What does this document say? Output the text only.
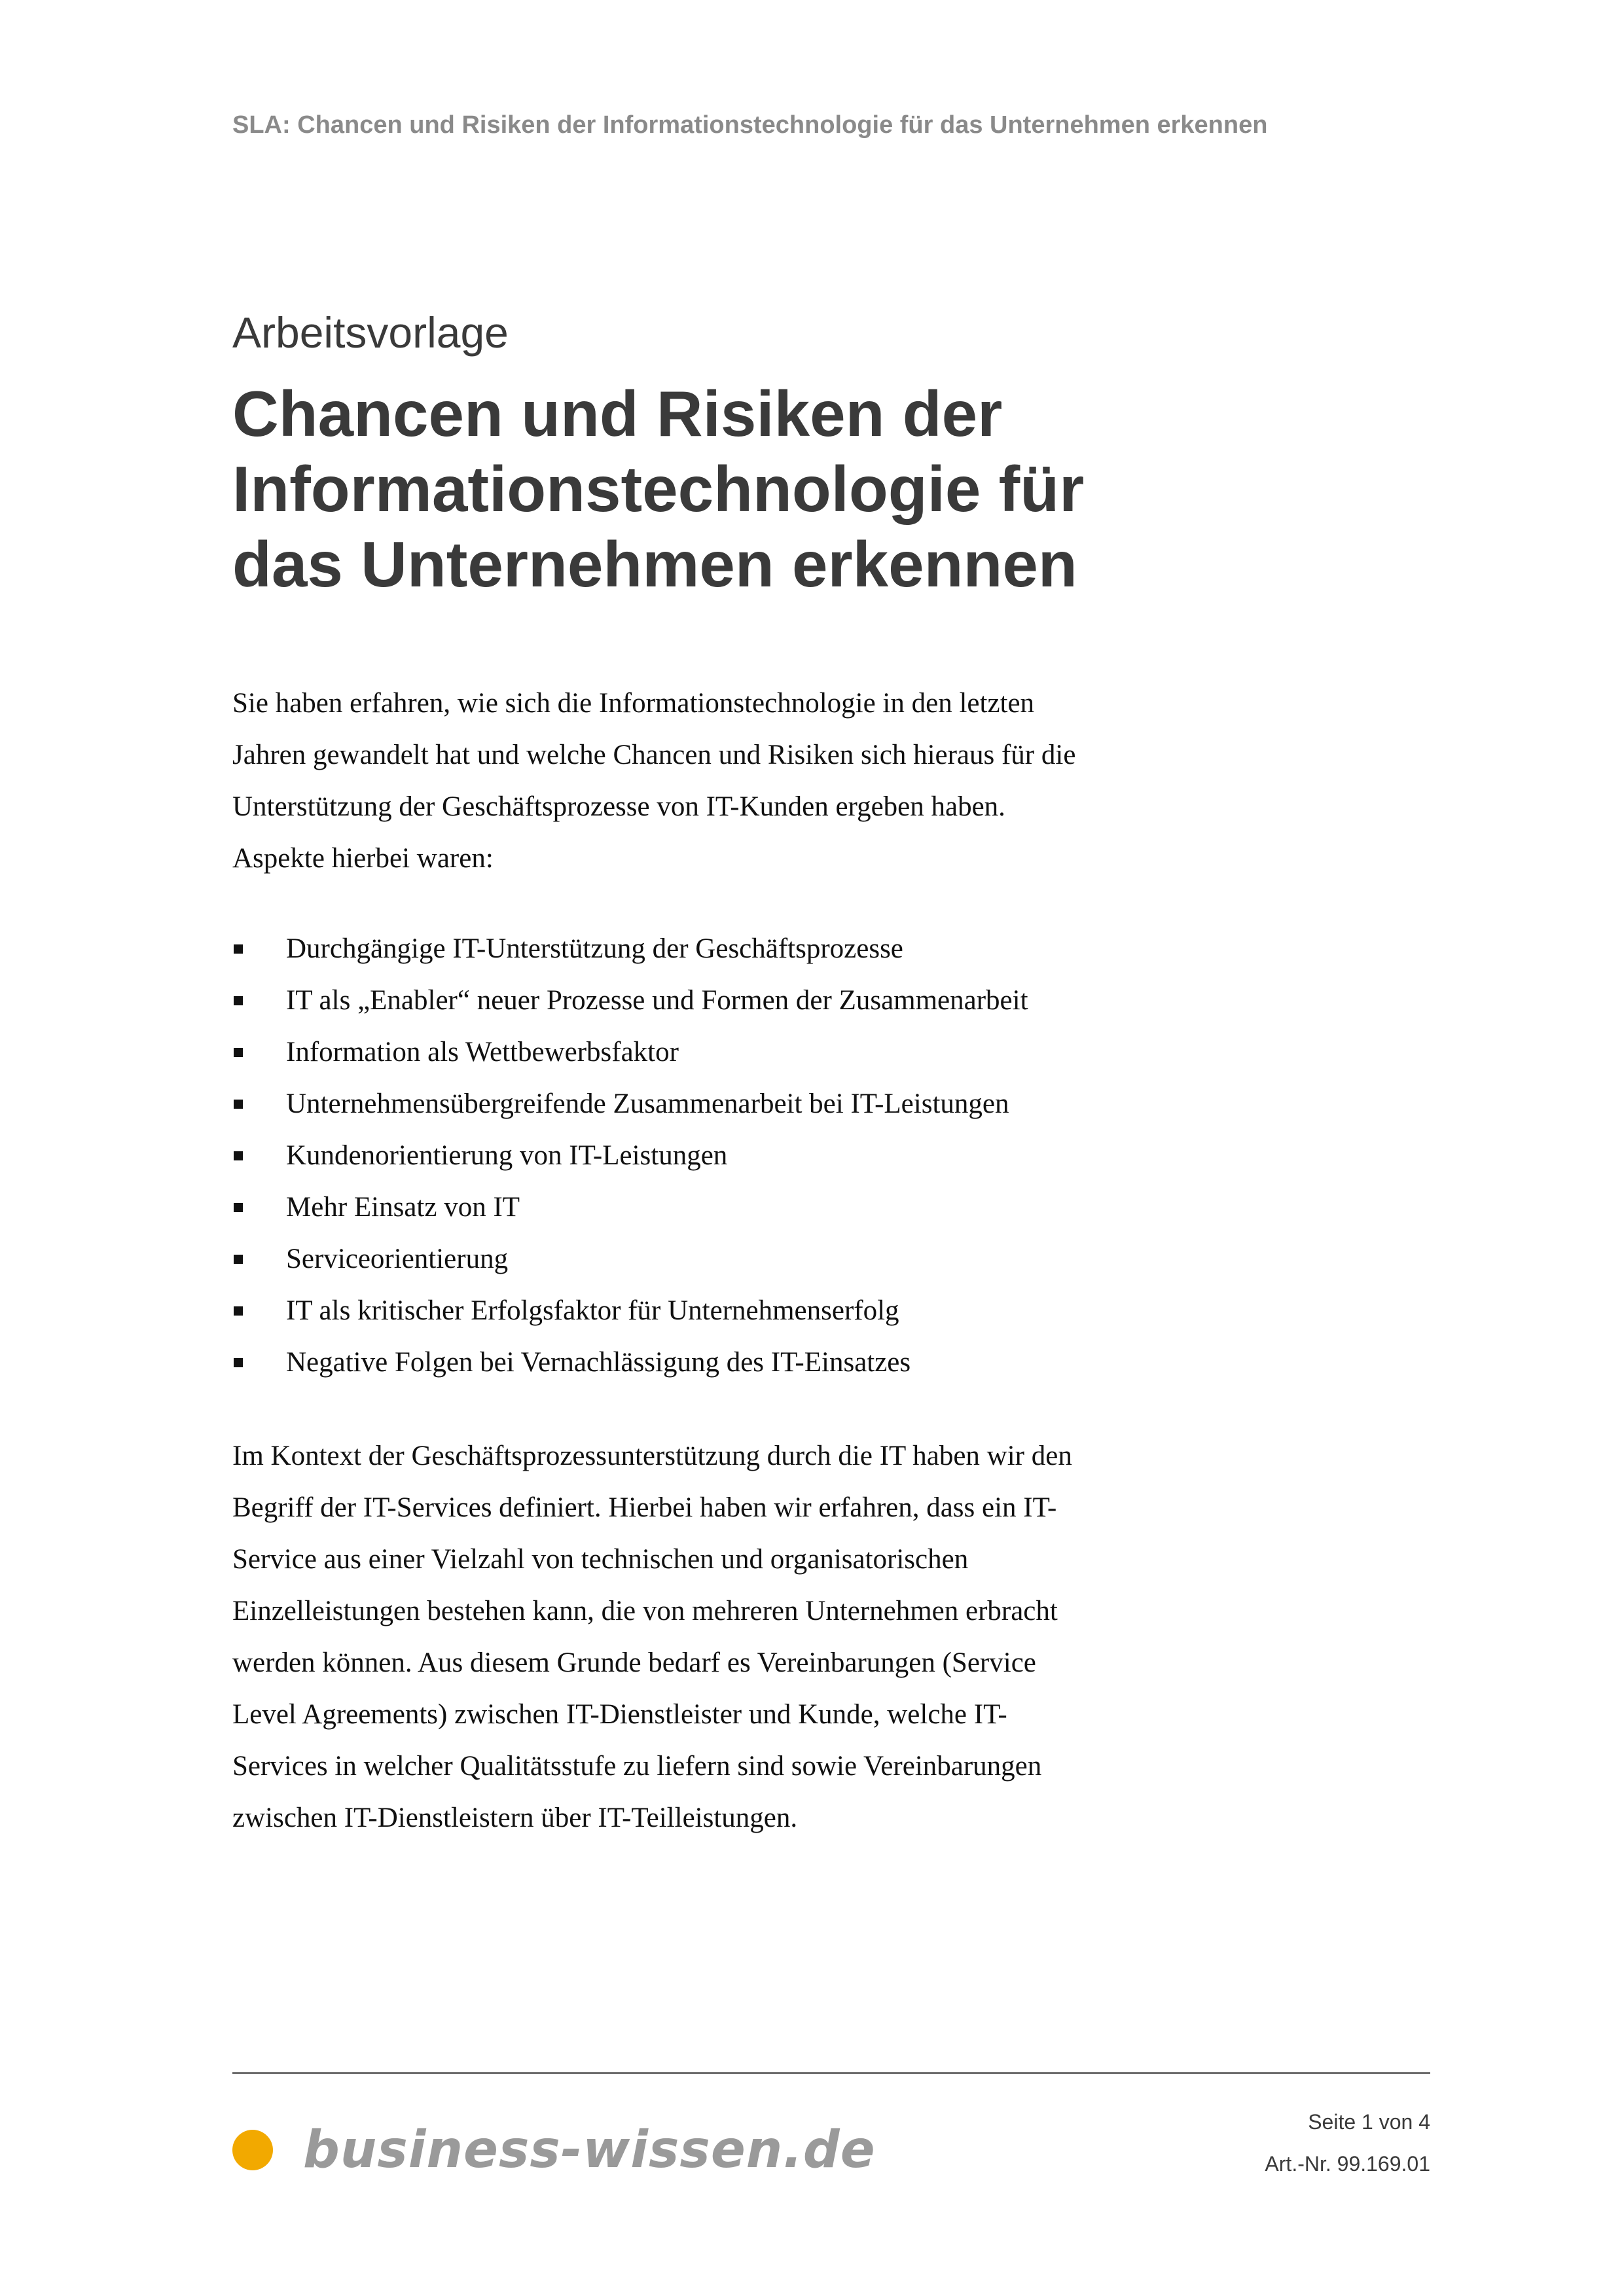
SLA: Chancen und Risiken der Informationstechnologie für das Unternehmen erkennen
Arbeitsvorlage
Chancen und Risiken der
Informationstechnologie für
das Unternehmen erkennen

Sie haben erfahren, wie sich die Informationstechnologie in den letzten
Jahren gewandelt hat und welche Chancen und Risiken sich hieraus für die
Unterstützung der Geschäftsprozesse von IT-Kunden ergeben haben.
Aspekte hierbei waren:

Durchgängige IT-Unterstützung der Geschäftsprozesse
IT als „Enabler“ neuer Prozesse und Formen der Zusammenarbeit
Information als Wettbewerbsfaktor
Unternehmensübergreifende Zusammenarbeit bei IT-Leistungen
Kundenorientierung von IT-Leistungen
Mehr Einsatz von IT
Serviceorientierung
IT als kritischer Erfolgsfaktor für Unternehmenserfolg
Negative Folgen bei Vernachlässigung des IT-Einsatzes

Im Kontext der Geschäftsprozessunterstützung durch die IT haben wir den
Begriff der IT-Services definiert. Hierbei haben wir erfahren, dass ein IT-
Service aus einer Vielzahl von technischen und organisatorischen
Einzelleistungen bestehen kann, die von mehreren Unternehmen erbracht
werden können. Aus diesem Grunde bedarf es Vereinbarungen (Service
Level Agreements) zwischen IT-Dienstleister und Kunde, welche IT-
Services in welcher Qualitätsstufe zu liefern sind sowie Vereinbarungen
zwischen IT-Dienstleistern über IT-Teilleistungen.

business-wissen.de	Seite 1 von 4
Art.-Nr. 99.169.01
